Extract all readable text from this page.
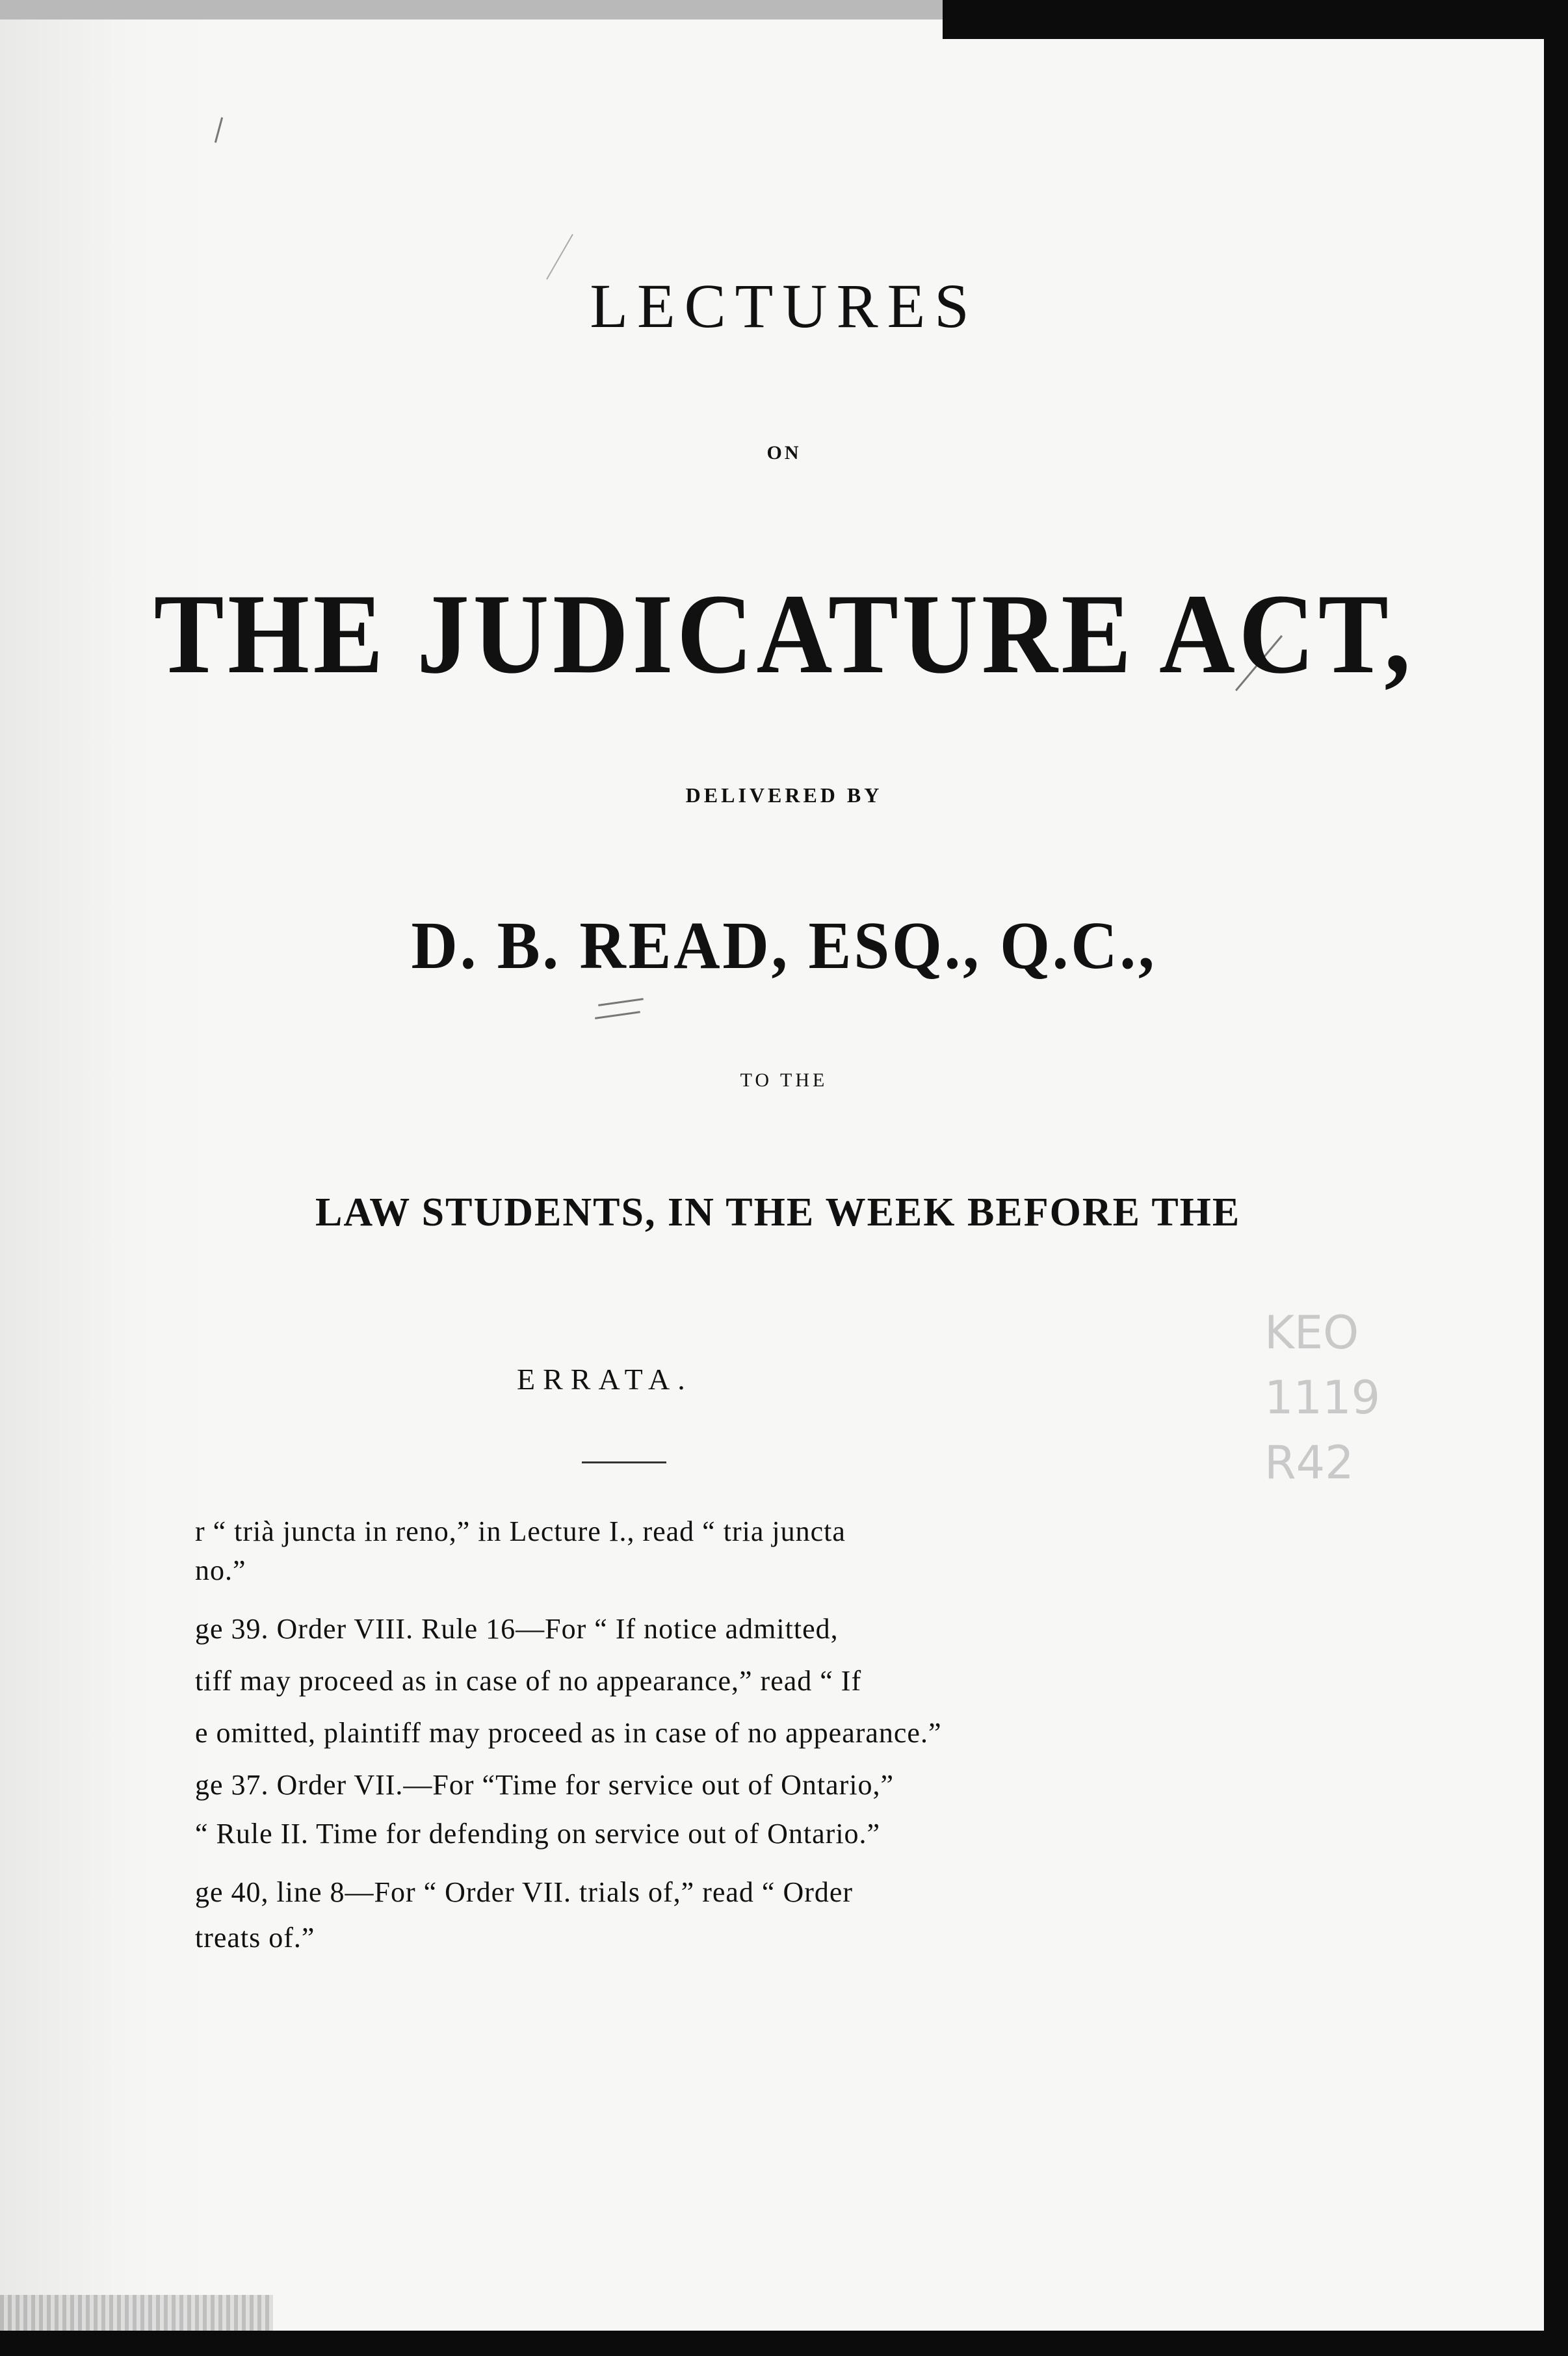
LECTURES
ON
THE JUDICATURE ACT,
DELIVERED BY
D. B. READ, ESQ., Q.C.,
TO THE
LAW STUDENTS, IN THE WEEK BEFORE THE
ERRATA.
r “ trià juncta in reno,” in Lecture I., read “ tria juncta
no.”
ge 39. Order VIII. Rule 16—For “ If notice admitted,
tiff may proceed as in case of no appearance,” read “ If
e omitted, plaintiff may proceed as in case of no appearance.”
ge 37. Order VII.—For “Time for service out of Ontario,”
“ Rule II. Time for defending on service out of Ontario.”
ge 40, line 8—For “ Order VII. trials of,” read “ Order
treats of.”
KEO
1119
R42
